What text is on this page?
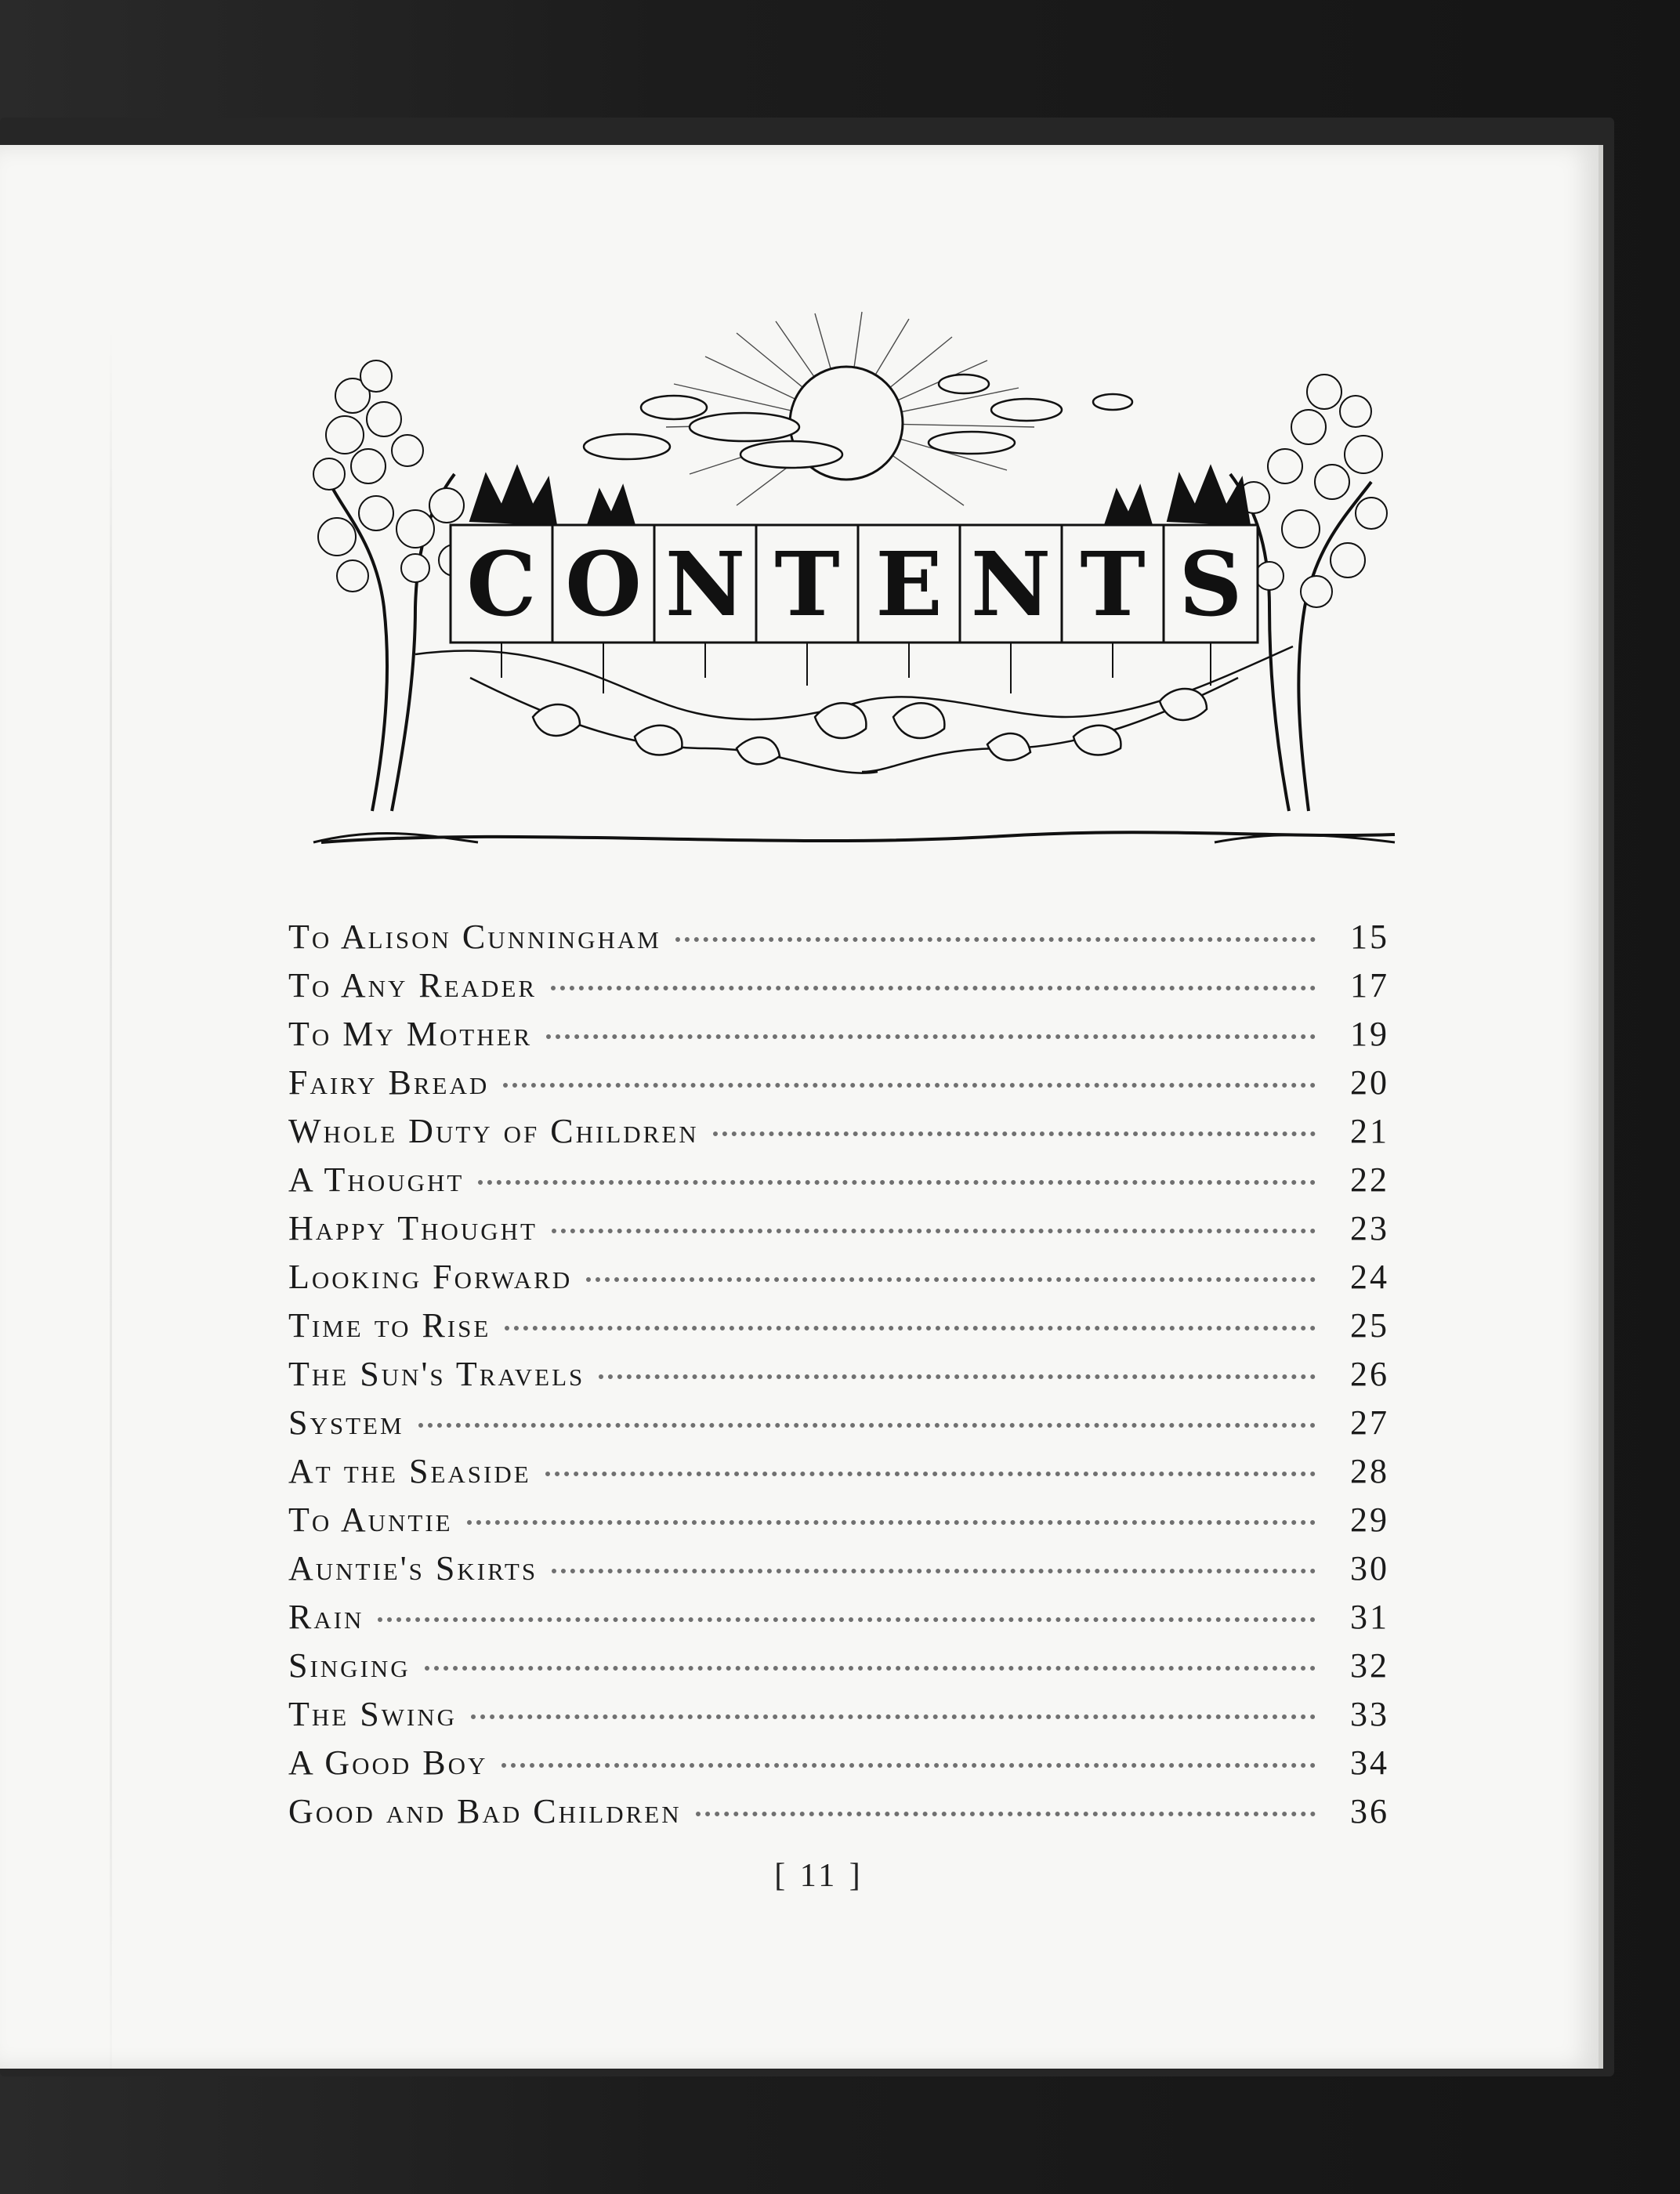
C O N T E N T S
To Alison Cunningham	15
To Any Reader	17
To My Mother	19
Fairy Bread	20
Whole Duty of Children	21
A Thought	22
Happy Thought	23
Looking Forward	24
Time to Rise	25
The Sun's Travels	26
System	27
At the Seaside	28
To Auntie	29
Auntie's Skirts	30
Rain	31
Singing	32
The Swing	33
A Good Boy	34
Good and Bad Children	36
[ 11 ]
